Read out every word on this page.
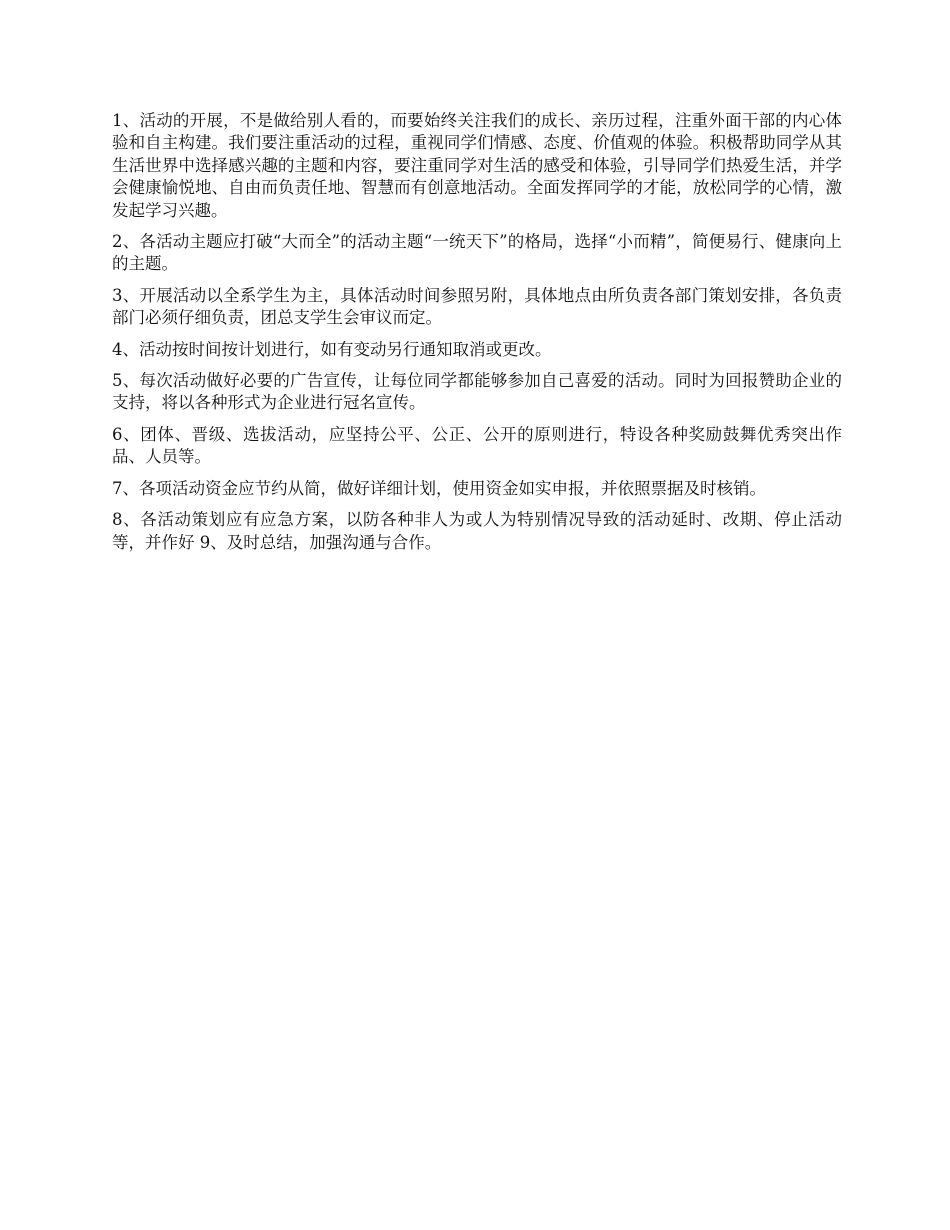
1、活动的开展，不是做给别人看的，而要始终关注我们的成长、亲历过程，注重外面干部的内心体验和自主构建。我们要注重活动的过程，重视同学们情感、态度、价值观的体验。积极帮助同学从其生活世界中选择感兴趣的主题和内容，要注重同学对生活的感受和体验，引导同学们热爱生活，并学会健康愉悦地、自由而负责任地、智慧而有创意地活动。全面发挥同学的才能，放松同学的心情，激发起学习兴趣。

2、各活动主题应打破“大而全”的活动主题“一统天下”的格局，选择“小而精”，简便易行、健康向上的主题。

3、开展活动以全系学生为主，具体活动时间参照另附，具体地点由所负责各部门策划安排，各负责部门必须仔细负责，团总支学生会审议而定。

4、活动按时间按计划进行，如有变动另行通知取消或更改。

5、每次活动做好必要的广告宣传，让每位同学都能够参加自己喜爱的活动。同时为回报赞助企业的支持，将以各种形式为企业进行冠名宣传。

6、团体、晋级、选拔活动，应坚持公平、公正、公开的原则进行，特设各种奖励鼓舞优秀突出作品、人员等。

7、各项活动资金应节约从简，做好详细计划，使用资金如实申报，并依照票据及时核销。

8、各活动策划应有应急方案，以防各种非人为或人为特别情况导致的活动延时、改期、停止活动等，并作好 9、及时总结，加强沟通与合作。
